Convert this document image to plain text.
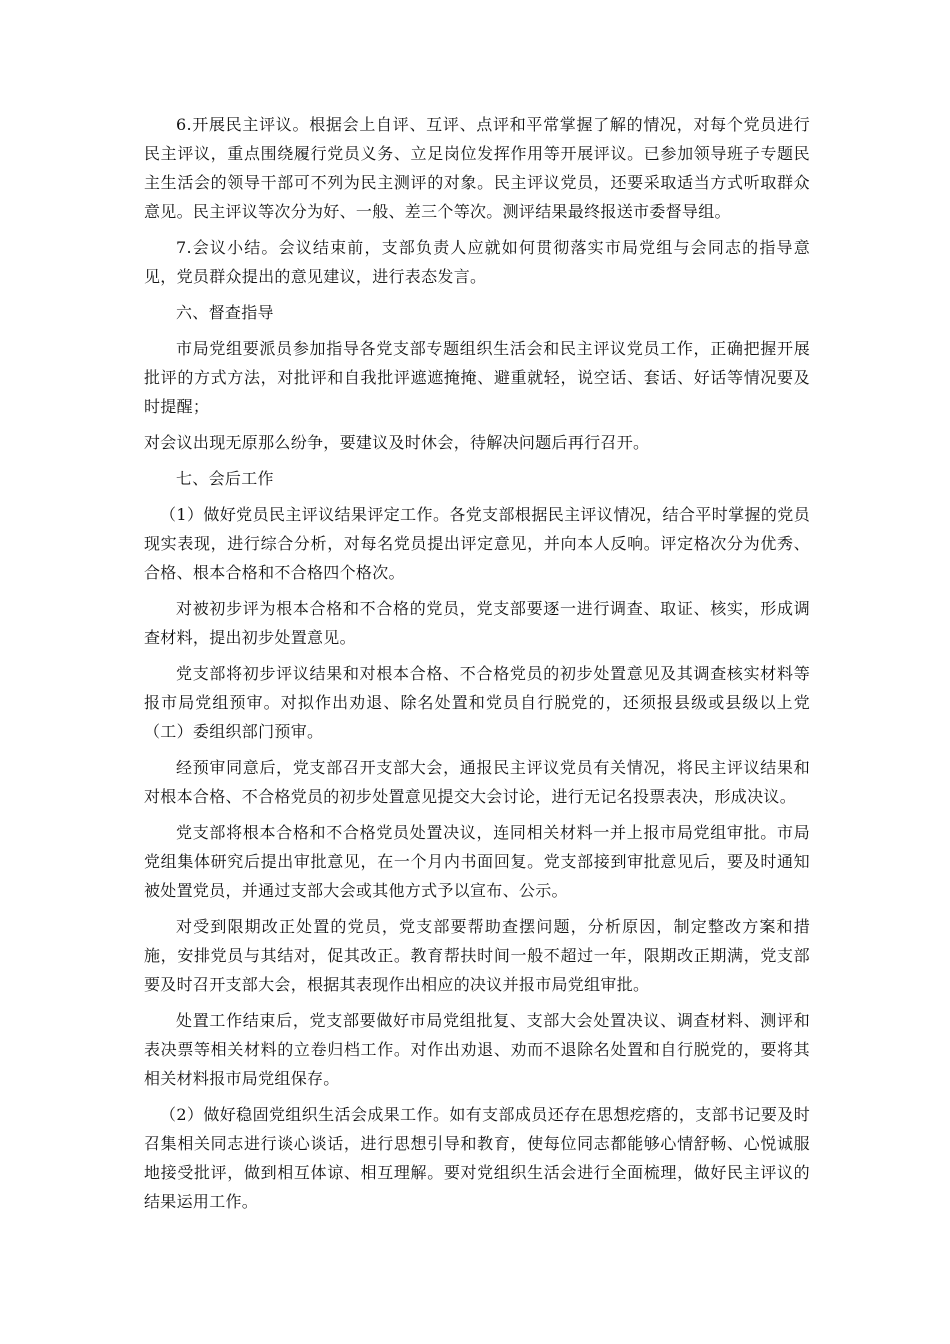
6.开展民主评议。根据会上自评、互评、点评和平常掌握了解的情况，对每个党员进行民主评议，重点围绕履行党员义务、立足岗位发挥作用等开展评议。已参加领导班子专题民主生活会的领导干部可不列为民主测评的对象。民主评议党员，还要采取适当方式听取群众意见。民主评议等次分为好、一般、差三个等次。测评结果最终报送市委督导组。

7.会议小结。会议结束前，支部负责人应就如何贯彻落实市局党组与会同志的指导意见，党员群众提出的意见建议，进行表态发言。

六、督查指导

市局党组要派员参加指导各党支部专题组织生活会和民主评议党员工作，正确把握开展批评的方式方法，对批评和自我批评遮遮掩掩、避重就轻，说空话、套话、好话等情况要及时提醒；

对会议出现无原那么纷争，要建议及时休会，待解决问题后再行召开。

七、会后工作

（1）做好党员民主评议结果评定工作。各党支部根据民主评议情况，结合平时掌握的党员现实表现，进行综合分析，对每名党员提出评定意见，并向本人反响。评定格次分为优秀、合格、根本合格和不合格四个格次。

对被初步评为根本合格和不合格的党员，党支部要逐一进行调查、取证、核实，形成调查材料，提出初步处置意见。

党支部将初步评议结果和对根本合格、不合格党员的初步处置意见及其调查核实材料等报市局党组预审。对拟作出劝退、除名处置和党员自行脱党的，还须报县级或县级以上党（工）委组织部门预审。

经预审同意后，党支部召开支部大会，通报民主评议党员有关情况，将民主评议结果和对根本合格、不合格党员的初步处置意见提交大会讨论，进行无记名投票表决，形成决议。

党支部将根本合格和不合格党员处置决议，连同相关材料一并上报市局党组审批。市局党组集体研究后提出审批意见，在一个月内书面回复。党支部接到审批意见后，要及时通知被处置党员，并通过支部大会或其他方式予以宣布、公示。

对受到限期改正处置的党员，党支部要帮助查摆问题，分析原因，制定整改方案和措施，安排党员与其结对，促其改正。教育帮扶时间一般不超过一年，限期改正期满，党支部要及时召开支部大会，根据其表现作出相应的决议并报市局党组审批。

处置工作结束后，党支部要做好市局党组批复、支部大会处置决议、调查材料、测评和表决票等相关材料的立卷归档工作。对作出劝退、劝而不退除名处置和自行脱党的，要将其相关材料报市局党组保存。

（2）做好稳固党组织生活会成果工作。如有支部成员还存在思想疙瘩的，支部书记要及时召集相关同志进行谈心谈话，进行思想引导和教育，使每位同志都能够心情舒畅、心悦诚服地接受批评，做到相互体谅、相互理解。要对党组织生活会进行全面梳理，做好民主评议的结果运用工作。
